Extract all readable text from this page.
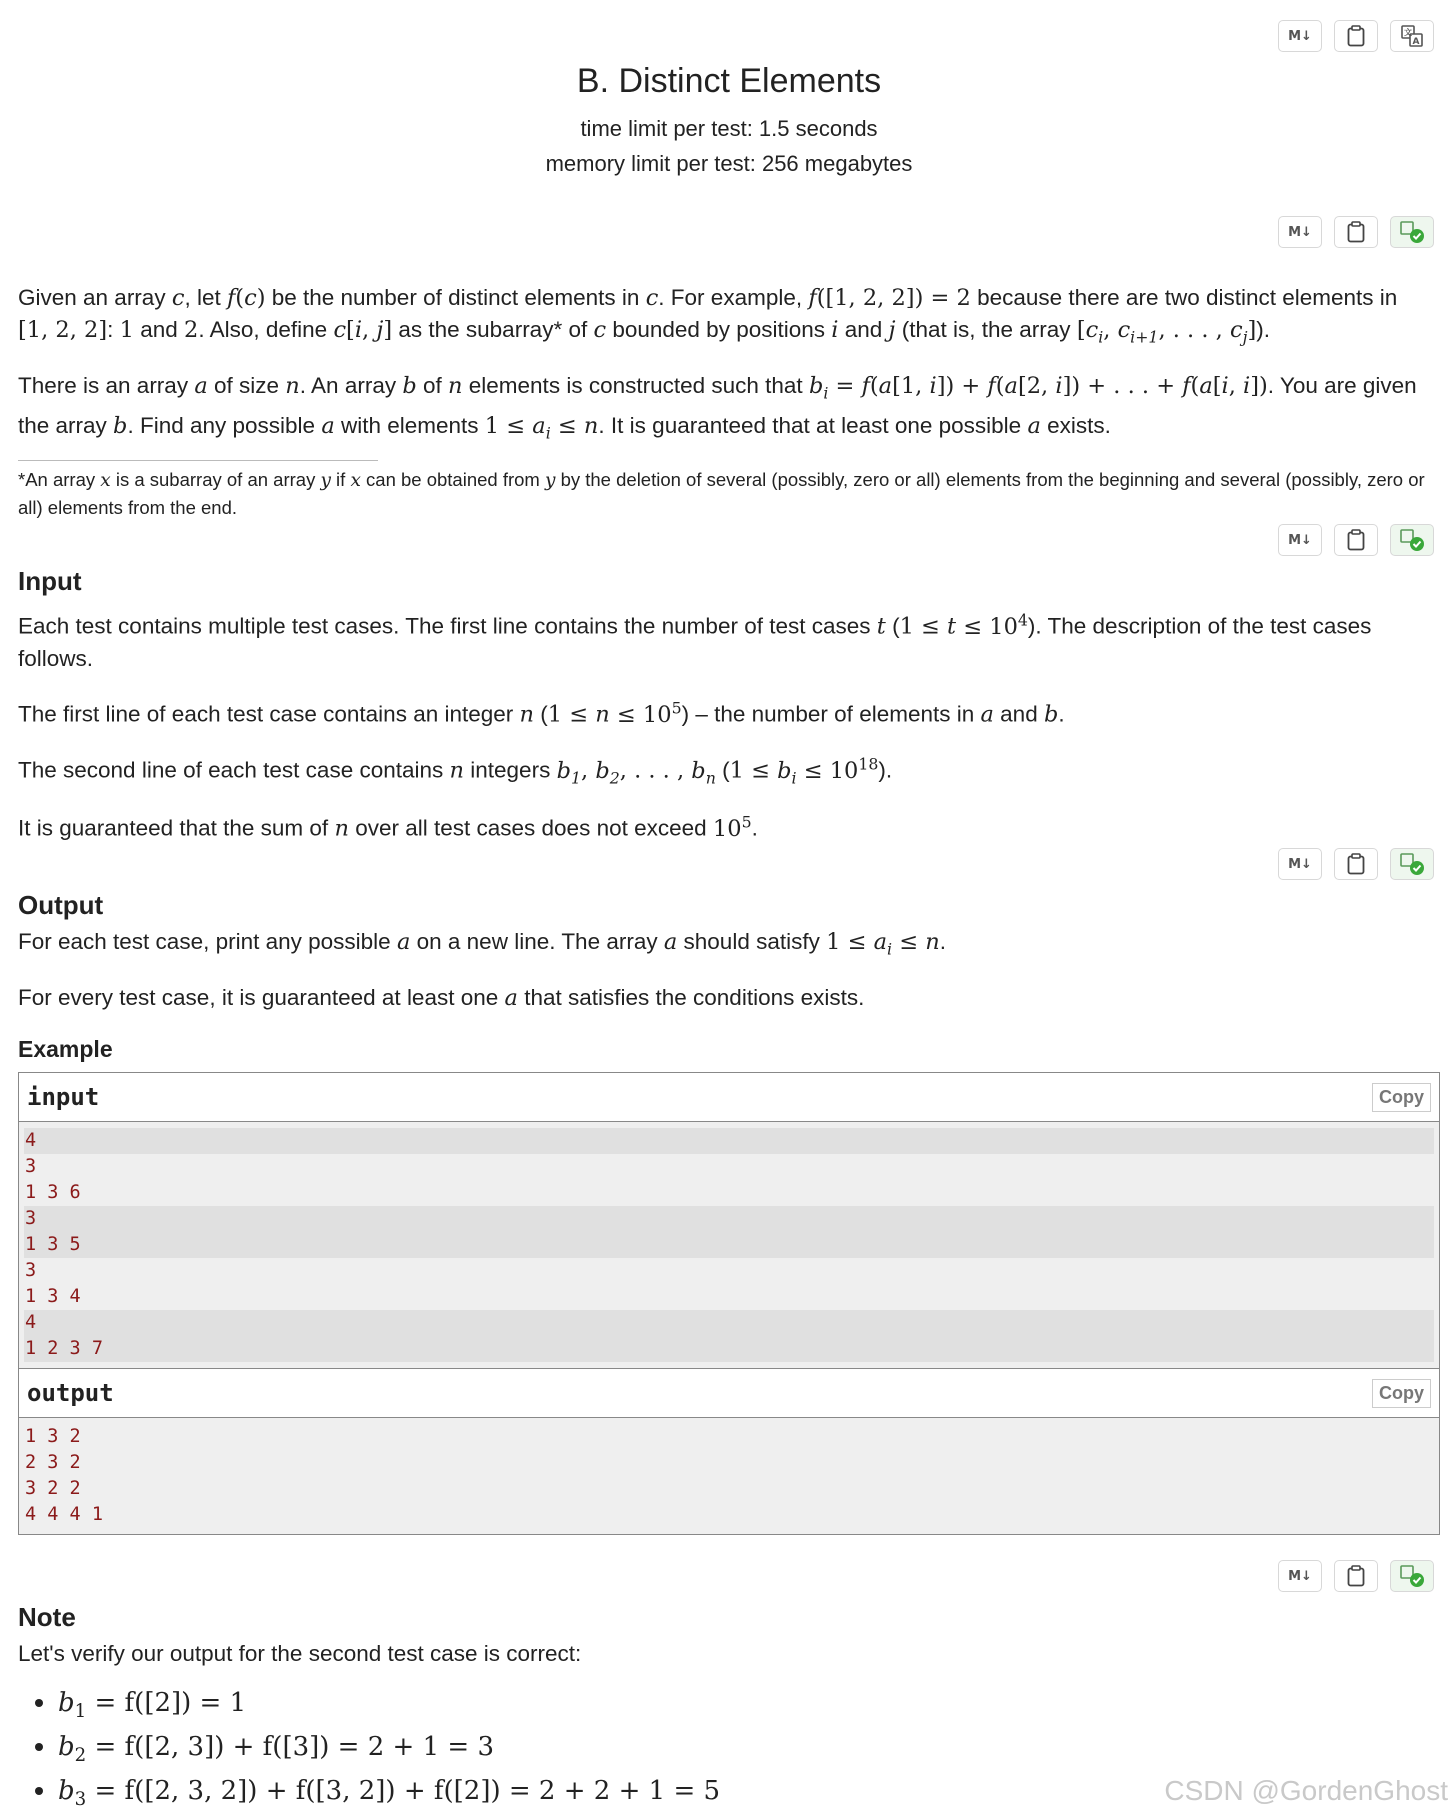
M↓	文
A
B. Distinct Elements
time limit per test: 1.5 seconds
memory limit per test: 256 megabytes
M↓

Given an array c, let f(c) be the number of distinct elements in c. For example, f([1, 2, 2]) = 2 because there are two distinct elements in [1, 2, 2]: 1 and 2. Also, define c[i, j] as the subarray* of c bounded by positions i and j (that is, the array [$c_i$, $c_{i+1}$, . . . , $c_j$]).

There is an array a of size n. An array b of n elements is constructed such that $b_i = f(a[1$, i]) + f(a[2, i]) + . . . + f(a[i, i]). You are given the array b. Find any possible a with elements $1 \le a_i \le n$. It is guaranteed that at least one possible a exists.

*An array x is a subarray of an array y if x can be obtained from y by the deletion of several (possibly, zero or all) elements from the beginning and several (possibly, zero or all) elements from the end.
M↓
Input

Each test contains multiple test cases. The first line contains the number of test cases t $(1 \le t \le 10^4)$. The description of the test cases follows.

The first line of each test case contains an integer n $(1 \le n \le 10^5)$ – the number of elements in a and b.

The second line of each test case contains n integers $b_1$, $b_2$, . . . , $b_n$ $(1 \le b_i \le 10^{18})$.

It is guaranteed that the sum of n over all test cases does not exceed $10^5$.

M↓
Output

For each test case, print any possible a on a new line. The array a should satisfy $1 \le a_i \le n$.

For every test case, it is guaranteed at least one a that satisfies the conditions exists.

Example
input	Copy
4
3
1 3 6
3
1 3 5
3
1 3 4
4
1 2 3 7
output	Copy
1 3 2
2 3 2
3 2 2
4 4 4 1
M↓
Note

Let's verify our output for the second test case is correct:

• $b_1 = f([2]) = 1$
• $b_2 = f([2$, 3]) + f([3]) = 2 + 1 = 3
• $b_3 = f([2$, 3, 2]) + f([3, 2]) + f([2]) = 2 + 2 + 1 = 5	CSDN @GordenGhost
